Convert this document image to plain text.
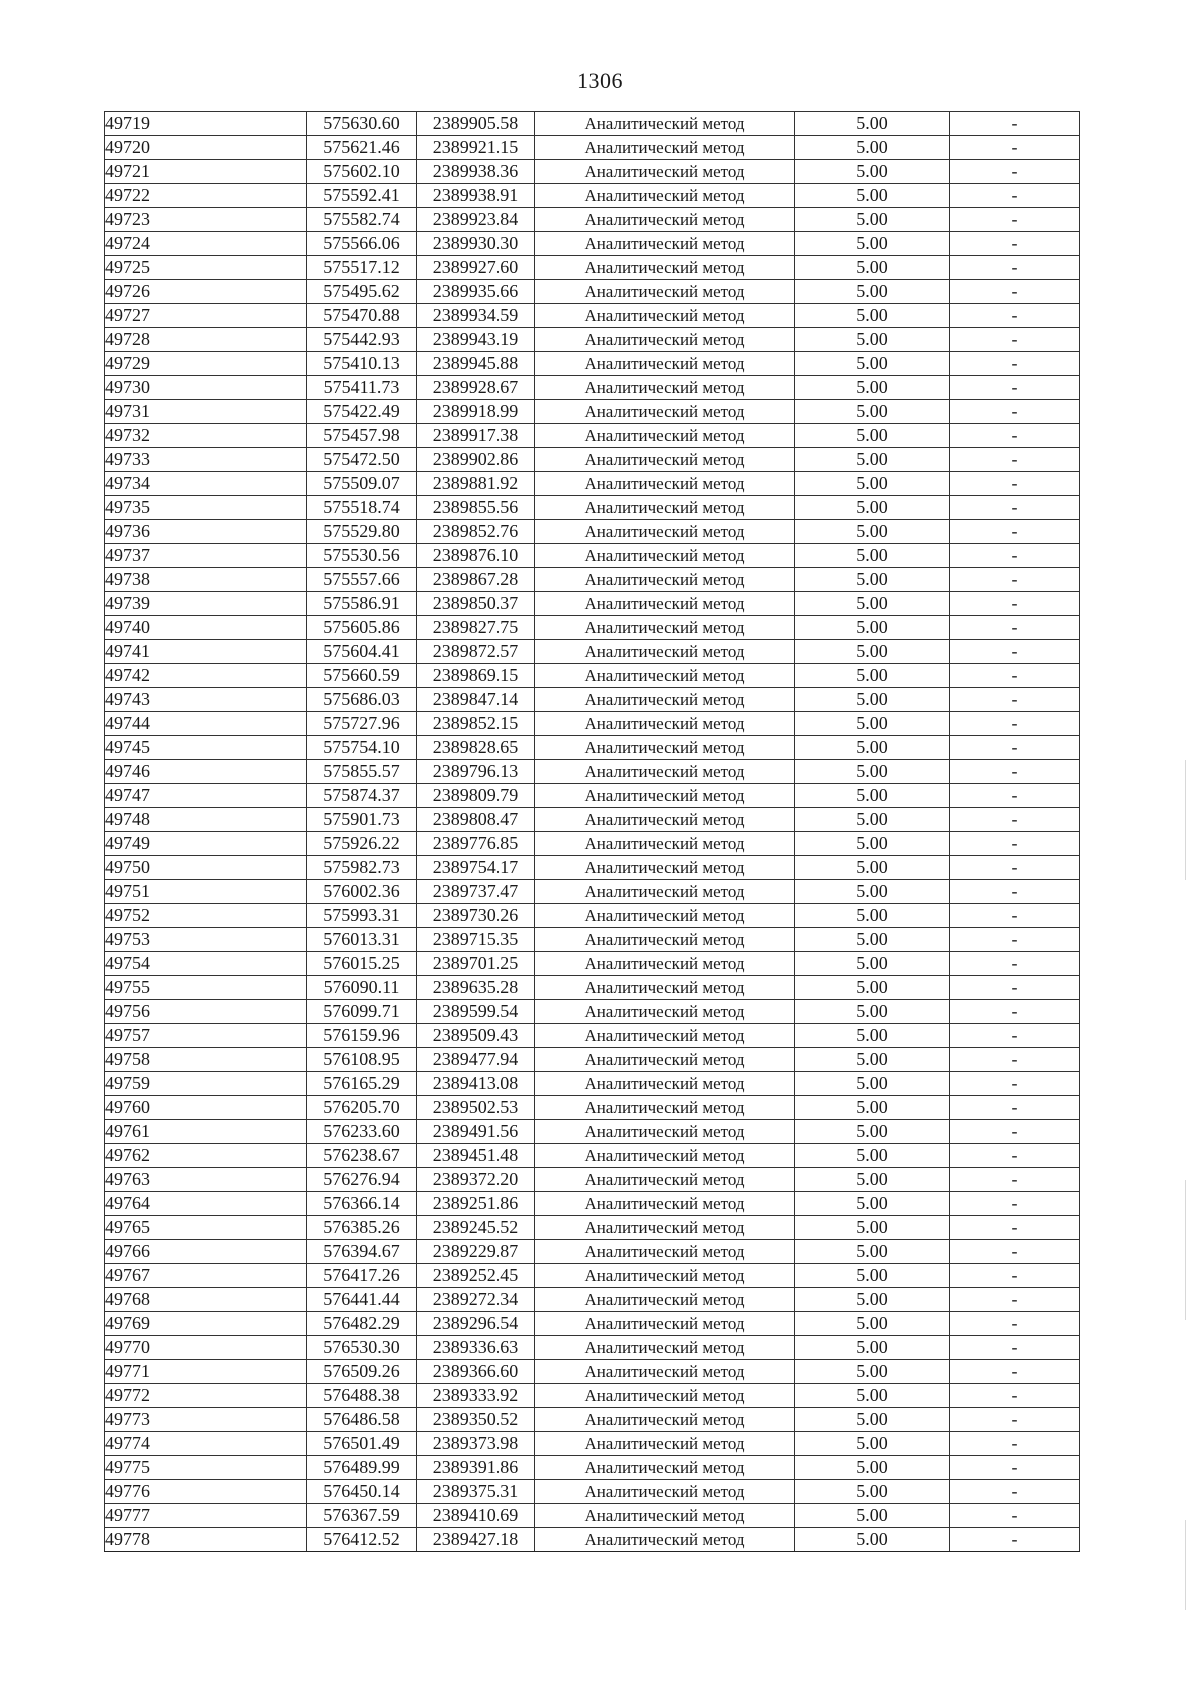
1306
49719	575630.60	2389905.58	Аналитический метод	5.00	-
49720	575621.46	2389921.15	Аналитический метод	5.00	-
49721	575602.10	2389938.36	Аналитический метод	5.00	-
49722	575592.41	2389938.91	Аналитический метод	5.00	-
49723	575582.74	2389923.84	Аналитический метод	5.00	-
49724	575566.06	2389930.30	Аналитический метод	5.00	-
49725	575517.12	2389927.60	Аналитический метод	5.00	-
49726	575495.62	2389935.66	Аналитический метод	5.00	-
49727	575470.88	2389934.59	Аналитический метод	5.00	-
49728	575442.93	2389943.19	Аналитический метод	5.00	-
49729	575410.13	2389945.88	Аналитический метод	5.00	-
49730	575411.73	2389928.67	Аналитический метод	5.00	-
49731	575422.49	2389918.99	Аналитический метод	5.00	-
49732	575457.98	2389917.38	Аналитический метод	5.00	-
49733	575472.50	2389902.86	Аналитический метод	5.00	-
49734	575509.07	2389881.92	Аналитический метод	5.00	-
49735	575518.74	2389855.56	Аналитический метод	5.00	-
49736	575529.80	2389852.76	Аналитический метод	5.00	-
49737	575530.56	2389876.10	Аналитический метод	5.00	-
49738	575557.66	2389867.28	Аналитический метод	5.00	-
49739	575586.91	2389850.37	Аналитический метод	5.00	-
49740	575605.86	2389827.75	Аналитический метод	5.00	-
49741	575604.41	2389872.57	Аналитический метод	5.00	-
49742	575660.59	2389869.15	Аналитический метод	5.00	-
49743	575686.03	2389847.14	Аналитический метод	5.00	-
49744	575727.96	2389852.15	Аналитический метод	5.00	-
49745	575754.10	2389828.65	Аналитический метод	5.00	-
49746	575855.57	2389796.13	Аналитический метод	5.00	-
49747	575874.37	2389809.79	Аналитический метод	5.00	-
49748	575901.73	2389808.47	Аналитический метод	5.00	-
49749	575926.22	2389776.85	Аналитический метод	5.00	-
49750	575982.73	2389754.17	Аналитический метод	5.00	-
49751	576002.36	2389737.47	Аналитический метод	5.00	-
49752	575993.31	2389730.26	Аналитический метод	5.00	-
49753	576013.31	2389715.35	Аналитический метод	5.00	-
49754	576015.25	2389701.25	Аналитический метод	5.00	-
49755	576090.11	2389635.28	Аналитический метод	5.00	-
49756	576099.71	2389599.54	Аналитический метод	5.00	-
49757	576159.96	2389509.43	Аналитический метод	5.00	-
49758	576108.95	2389477.94	Аналитический метод	5.00	-
49759	576165.29	2389413.08	Аналитический метод	5.00	-
49760	576205.70	2389502.53	Аналитический метод	5.00	-
49761	576233.60	2389491.56	Аналитический метод	5.00	-
49762	576238.67	2389451.48	Аналитический метод	5.00	-
49763	576276.94	2389372.20	Аналитический метод	5.00	-
49764	576366.14	2389251.86	Аналитический метод	5.00	-
49765	576385.26	2389245.52	Аналитический метод	5.00	-
49766	576394.67	2389229.87	Аналитический метод	5.00	-
49767	576417.26	2389252.45	Аналитический метод	5.00	-
49768	576441.44	2389272.34	Аналитический метод	5.00	-
49769	576482.29	2389296.54	Аналитический метод	5.00	-
49770	576530.30	2389336.63	Аналитический метод	5.00	-
49771	576509.26	2389366.60	Аналитический метод	5.00	-
49772	576488.38	2389333.92	Аналитический метод	5.00	-
49773	576486.58	2389350.52	Аналитический метод	5.00	-
49774	576501.49	2389373.98	Аналитический метод	5.00	-
49775	576489.99	2389391.86	Аналитический метод	5.00	-
49776	576450.14	2389375.31	Аналитический метод	5.00	-
49777	576367.59	2389410.69	Аналитический метод	5.00	-
49778	576412.52	2389427.18	Аналитический метод	5.00	-
